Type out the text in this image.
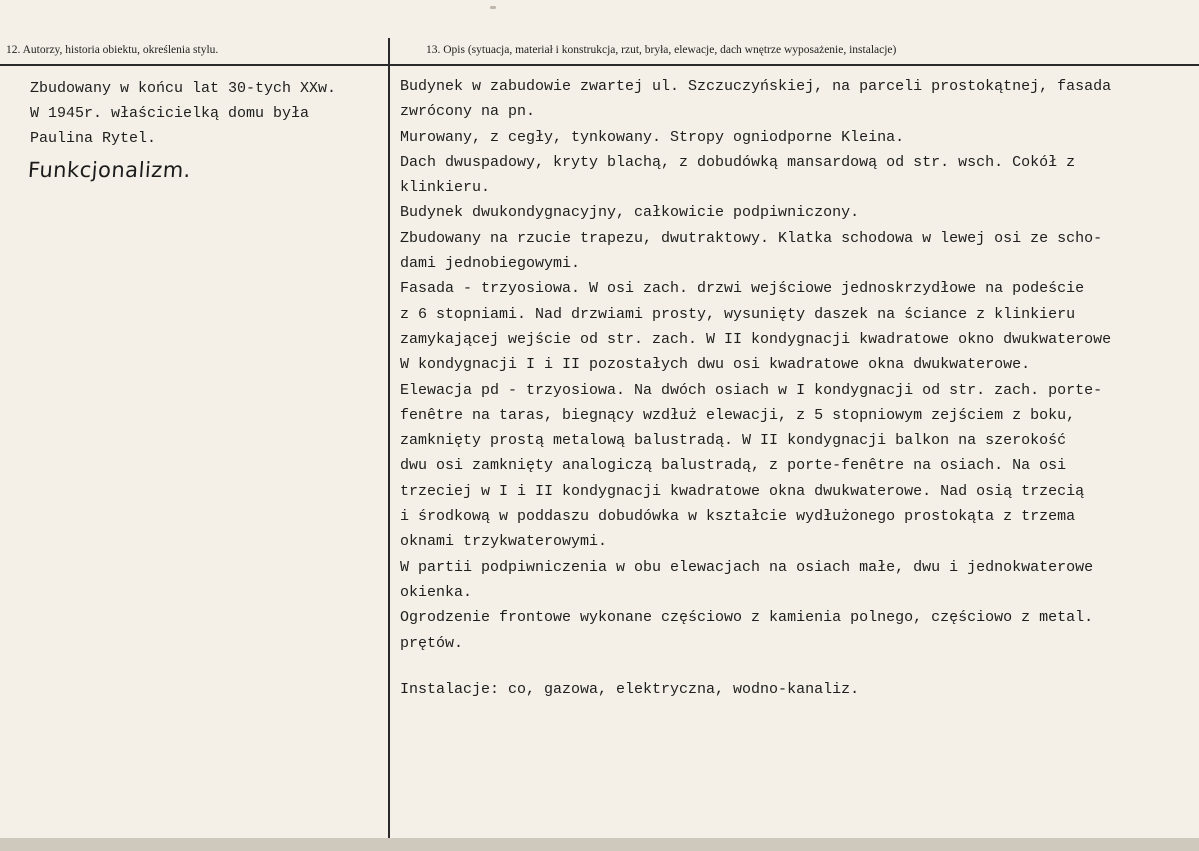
12. Autorzy, historia obiektu, określenia stylu.	13. Opis (sytuacja, materiał i konstrukcja, rzut, bryła, elewacje, dach wnętrze wyposażenie, instalacje)

Zbudowany w końcu lat 30-tych XXw.

W 1945r. właścicielką domu była

Paulina Rytel.

Funkcjonalizm.

Budynek w zabudowie zwartej ul. Szczuczyńskiej, na parceli prostokątnej, fasada

zwrócony na pn.

Murowany, z cegły, tynkowany. Stropy ogniodporne Kleina.

Dach dwuspadowy, kryty blachą, z dobudówką mansardową od str. wsch. Cokół z

klinkieru.

Budynek dwukondygnacyjny, całkowicie podpiwniczony.

Zbudowany na rzucie trapezu, dwutraktowy. Klatka schodowa w lewej osi ze scho-

dami jednobiegowymi.

Fasada - trzyosiowa. W osi zach. drzwi wejściowe jednoskrzydłowe na podeście

z 6 stopniami. Nad drzwiami prosty, wysunięty daszek na ściance z klinkieru

zamykającej wejście od str. zach. W II kondygnacji kwadratowe okno dwukwaterowe

W kondygnacji I i II pozostałych dwu osi kwadratowe okna dwukwaterowe.

Elewacja pd - trzyosiowa. Na dwóch osiach w I kondygnacji od str. zach. porte-

fenêtre na taras, biegnący wzdłuż elewacji, z 5 stopniowym zejściem z boku,

zamknięty prostą metalową balustradą. W II kondygnacji balkon na szerokość

dwu osi zamknięty analogiczą balustradą, z porte-fenêtre na osiach. Na osi

trzeciej w I i II kondygnacji kwadratowe okna dwukwaterowe. Nad osią trzecią

i środkową w poddaszu dobudówka w kształcie wydłużonego prostokąta z trzema

oknami trzykwaterowymi.

W partii podpiwniczenia w obu elewacjach na osiach małe, dwu i jednokwaterowe

okienka.

Ogrodzenie frontowe wykonane częściowo z kamienia polnego, częściowo z metal.

prętów.

Instalacje: co, gazowa, elektryczna, wodno-kanaliz.
